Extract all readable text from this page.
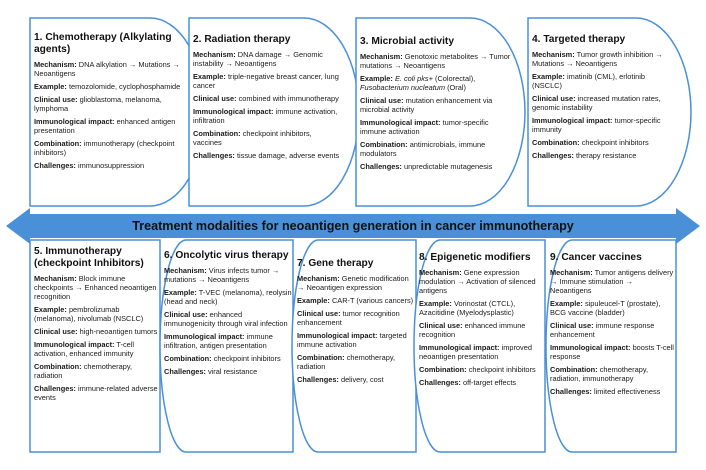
Treatment modalities for neoantigen generation in cancer immunotherapy
1. Chemotherapy (Alkylating agents)

Mechanism: DNA alkylation → Mutations → Neoantigens

Example: temozolomide, cyclophosphamide

Clinical use: glioblastoma, melanoma, lymphoma

Immunological impact: enhanced antigen presentation

Combination: immunotherapy (checkpoint inhibitors)

Challenges: immunosuppression

2. Radiation therapy

Mechanism: DNA damage → Genomic instability → Neoantigens

Example: triple-negative breast cancer, lung cancer

Clinical use: combined with immunotherapy

Immunological impact: immune activation, infiltration

Combination: checkpoint inhibitors, vaccines

Challenges: tissue damage, adverse events

3. Microbial activity

Mechanism: Genotoxic metabolites → Tumor mutations → Neoantigens

Example: E. coli pks+ (Colorectal), Fusobacterium nucleatum (Oral)

Clinical use: mutation enhancement via microbial activity

Immunological impact: tumor-specific immune activation

Combination: antimicrobials, immune modulators

Challenges: unpredictable mutagenesis

4. Targeted therapy

Mechanism: Tumor growth inhibition → Mutations → Neoantigens

Example: imatinib (CML), erlotinib (NSCLC)

Clinical use: increased mutation rates, genomic instability

Immunological impact: tumor-specific immunity

Combination: checkpoint inhibitors

Challenges: therapy resistance

5. Immunotherapy (checkpoint Inhibitors)

Mechanism: Block immune checkpoints → Enhanced neoantigen recognition

Example: pembrolizumab (melanoma), nivolumab (NSCLC)

Clinical use: high-neoantigen tumors

Immunological impact: T-cell activation, enhanced immunity

Combination: chemotherapy, radiation

Challenges: immune-related adverse events

6. Oncolytic virus therapy

Mechanism: Virus infects tumor → mutations → Neoantigens

Example: T-VEC (melanoma), reolysin (head and neck)

Clinical use: enhanced immunogenicity through viral infection

Immunological impact: immune infiltration, antigen presentation

Combination: checkpoint inhibitors

Challenges: viral resistance

7. Gene therapy

Mechanism: Genetic modification → Neoantigen expression

Example: CAR-T (various cancers)

Clinical use: tumor recognition enhancement

Immunological impact: targeted immune activation

Combination: chemotherapy, radiation

Challenges: delivery, cost

8. Epigenetic modifiers

Mechanism: Gene expression modulation → Activation of silenced antigens

Example: Vorinostat (CTCL), Azacitidine (Myelodysplastic)

Clinical use: enhanced immune recognition

Immunological impact: improved neoantigen presentation

Combination: checkpoint inhibitors

Challenges: off-target effects

9. Cancer vaccines

Mechanism: Tumor antigens delivery → Immune stimulation → Neoantigens

Example: sipuleucel-T (prostate), BCG vaccine (bladder)

Clinical use: immune response enhancement

Immunological impact: boosts T-cell response

Combination: chemotherapy, radiation, immunotherapy

Challenges: limited effectiveness
